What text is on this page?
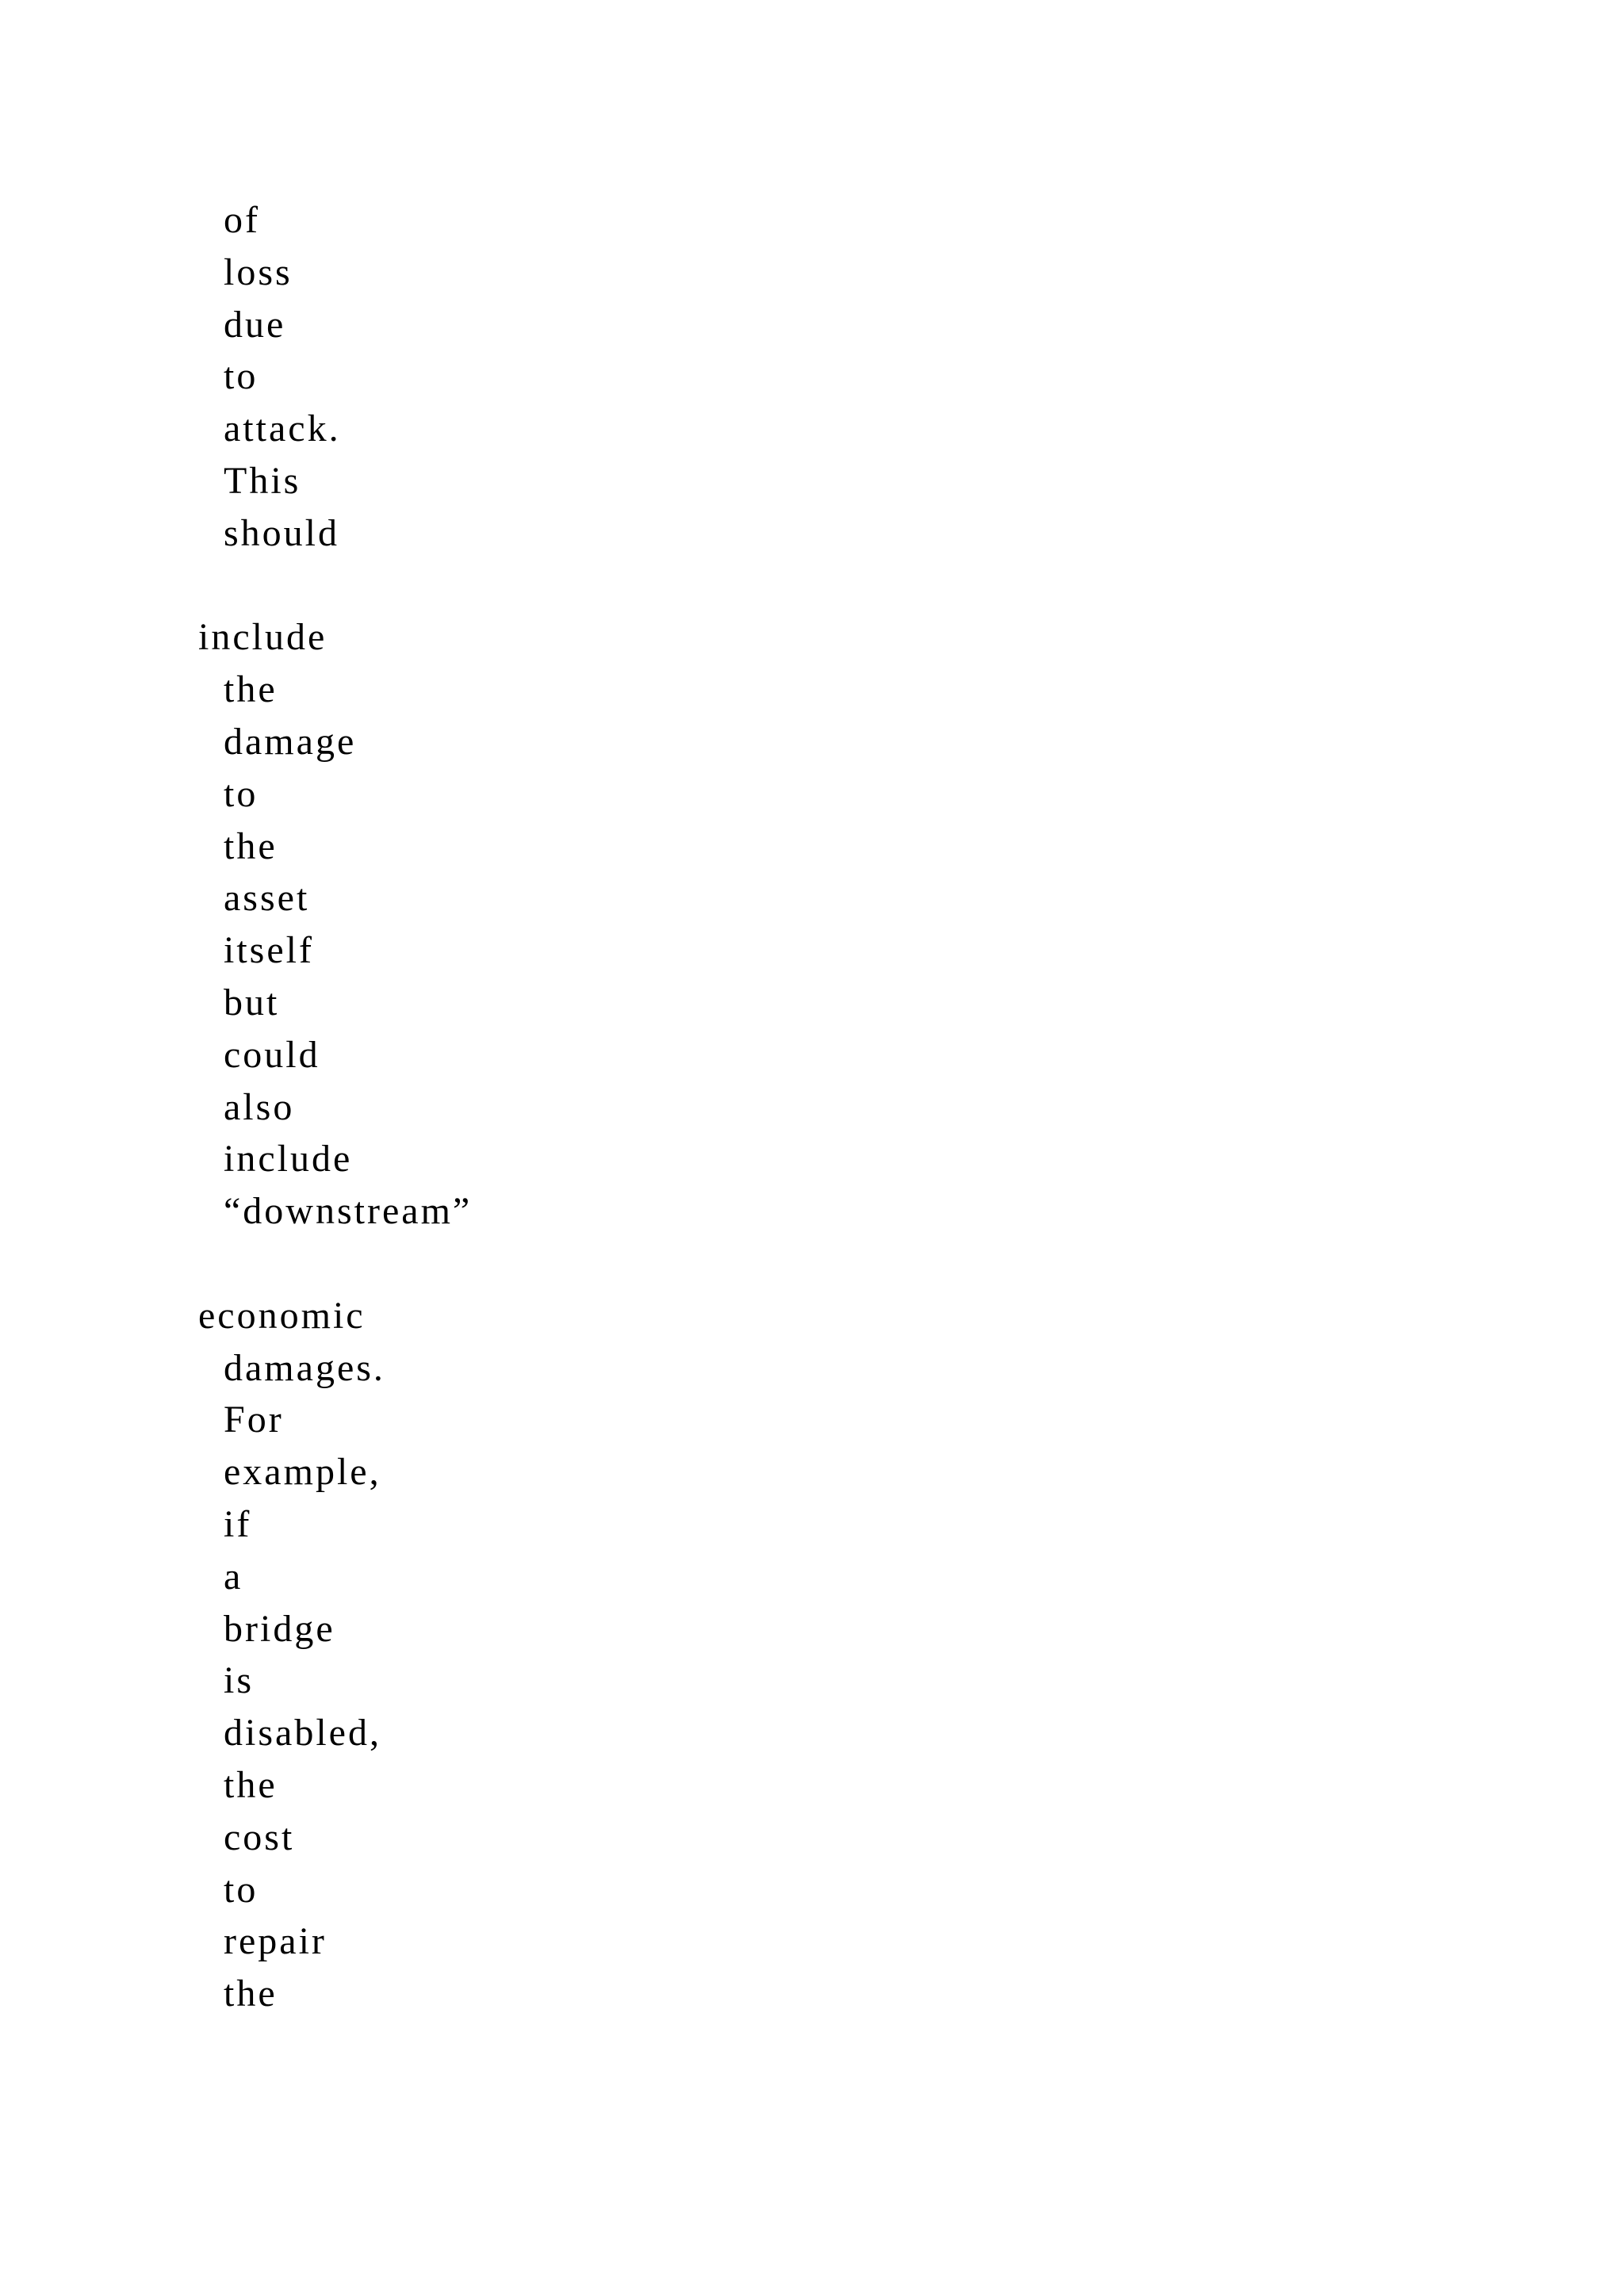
of
loss
due
to
attack.
This
should
include
the
damage
to
the
asset
itself
but
could
also
include
“downstream”
economic
damages.
For
example,
if
a
bridge
is
disabled,
the
cost
to
repair
the
